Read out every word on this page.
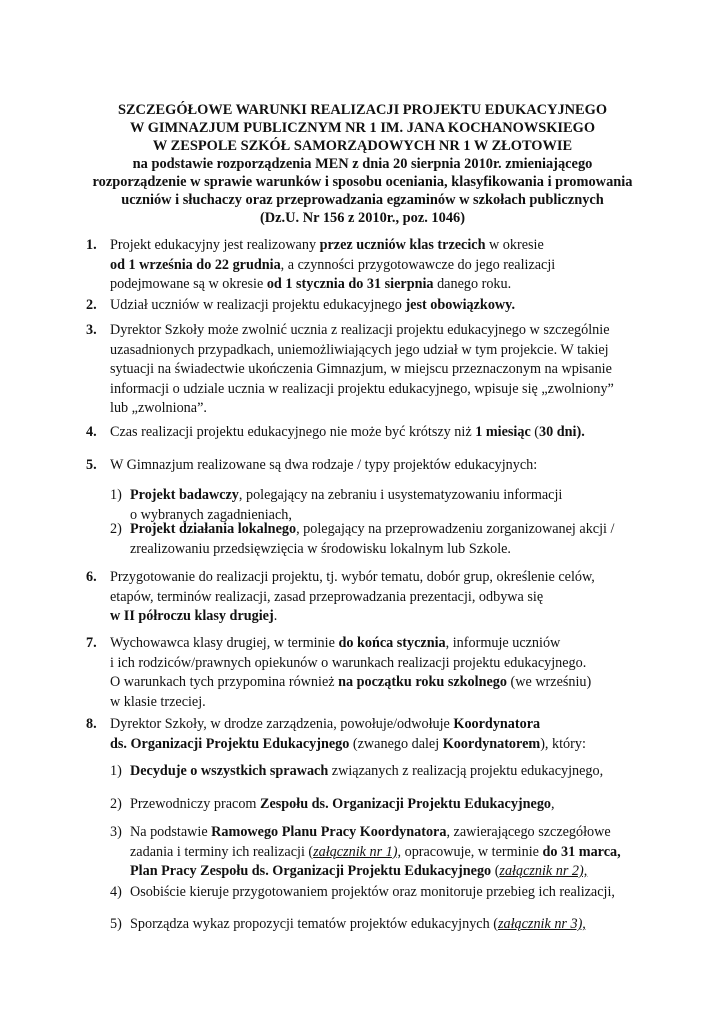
SZCZEGÓŁOWE WARUNKI REALIZACJI PROJEKTU EDUKACYJNEGO
W GIMNAZJUM PUBLICZNYM NR 1 IM. JANA KOCHANOWSKIEGO
W ZESPOLE SZKÓŁ SAMORZĄDOWYCH NR 1 W ZŁOTOWIE
na podstawie rozporządzenia MEN z dnia 20 sierpnia 2010r. zmieniającego
rozporządzenie w sprawie warunków i sposobu oceniania, klasyfikowania i promowania
uczniów i słuchaczy oraz przeprowadzania egzaminów w szkołach publicznych
(Dz.U. Nr 156 z 2010r., poz. 1046)
1. Projekt edukacyjny jest realizowany przez uczniów klas trzecich w okresie
od 1 września do 22 grudnia, a czynności przygotowawcze do jego realizacji
podejmowane są w okresie od 1 stycznia do 31 sierpnia danego roku.
2. Udział uczniów w realizacji projektu edukacyjnego jest obowiązkowy.
3. Dyrektor Szkoły może zwolnić ucznia z realizacji projektu edukacyjnego w szczególnie
uzasadnionych przypadkach, uniemożliwiających jego udział w tym projekcie. W takiej
sytuacji na świadectwie ukończenia Gimnazjum, w miejscu przeznaczonym na wpisanie
informacji o udziale ucznia w realizacji projektu edukacyjnego, wpisuje się „zwolniony”
lub „zwolniona”.
4. Czas realizacji projektu edukacyjnego nie może być krótszy niż 1 miesiąc (30 dni).
5. W Gimnazjum realizowane są dwa rodzaje / typy projektów edukacyjnych:
1) Projekt badawczy, polegający na zebraniu i usystematyzowaniu informacji
o wybranych zagadnieniach,
2) Projekt działania lokalnego, polegający na przeprowadzeniu zorganizowanej akcji /
zrealizowaniu przedsięwzięcia w środowisku lokalnym lub Szkole.
6. Przygotowanie do realizacji projektu, tj. wybór tematu, dobór grup, określenie celów,
etapów, terminów realizacji, zasad przeprowadzania prezentacji, odbywa się
w II półroczu klasy drugiej.
7. Wychowawca klasy drugiej, w terminie do końca stycznia, informuje uczniów
i ich rodziców/prawnych opiekunów o warunkach realizacji projektu edukacyjnego.
O warunkach tych przypomina również na początku roku szkolnego (we wrześniu)
w klasie trzeciej.
8. Dyrektor Szkoły, w drodze zarządzenia, powołuje/odwołuje Koordynatora
ds. Organizacji Projektu Edukacyjnego (zwanego dalej Koordynatorem), który:
1) Decyduje o wszystkich sprawach związanych z realizacją projektu edukacyjnego,
2) Przewodniczy pracom Zespołu ds. Organizacji Projektu Edukacyjnego,
3) Na podstawie Ramowego Planu Pracy Koordynatora, zawierającego szczegółowe
zadania i terminy ich realizacji (załącznik nr 1), opracowuje, w terminie do 31 marca,
Plan Pracy Zespołu ds. Organizacji Projektu Edukacyjnego (załącznik nr 2),
4) Osobiście kieruje przygotowaniem projektów oraz monitoruje przebieg ich realizacji,
5) Sporządza wykaz propozycji tematów projektów edukacyjnych (załącznik nr 3),
